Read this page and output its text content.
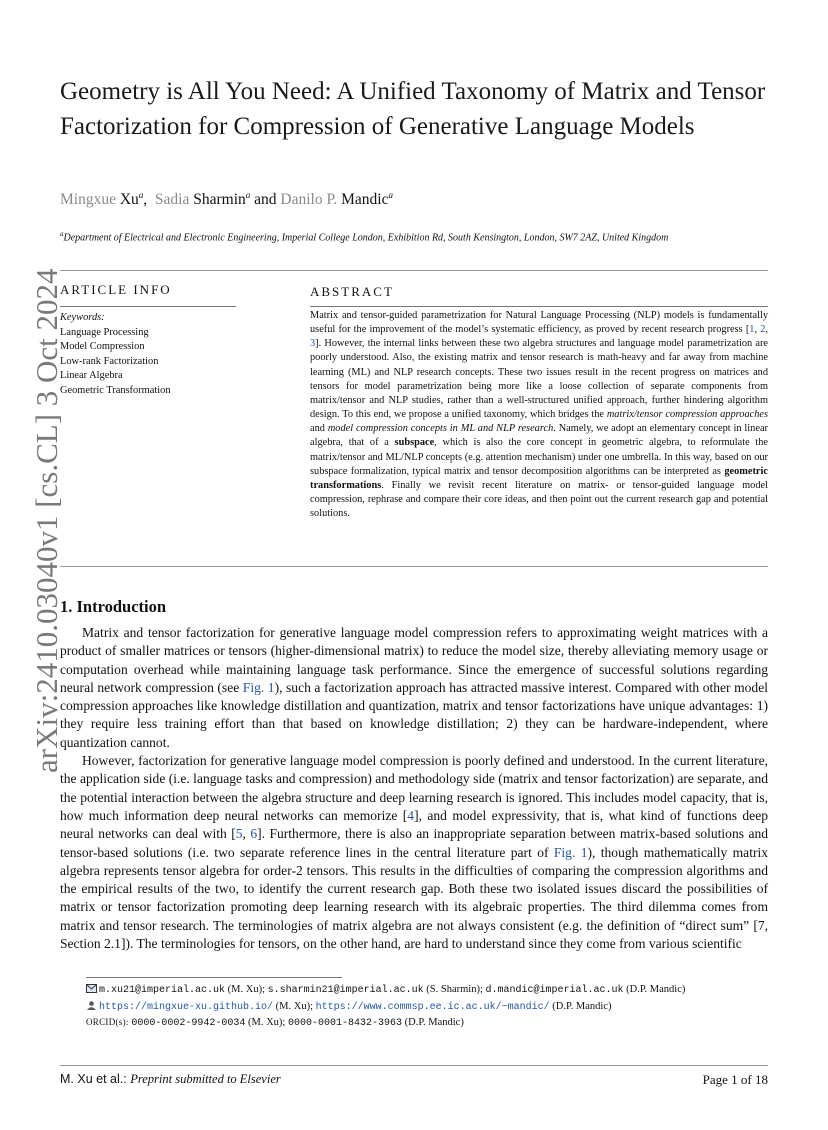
arXiv:2410.03040v1 [cs.CL] 3 Oct 2024
Geometry is All You Need: A Unified Taxonomy of Matrix and Tensor Factorization for Compression of Generative Language Models
Mingxue Xu$^a$, Sadia Sharmin$^a$ and Danilo P. Mandic$^a$
$^a$Department of Electrical and Electronic Engineering, Imperial College London, Exhibition Rd, South Kensington, London, SW7 2AZ, United Kingdom
ARTICLE INFO
Keywords:
Language Processing
Model Compression
Low-rank Factorization
Linear Algebra
Geometric Transformation
ABSTRACT
Matrix and tensor-guided parametrization for Natural Language Processing (NLP) models is fundamentally useful for the improvement of the model’s systematic efficiency, as proved by recent research progress [1, 2, 3]. However, the internal links between these two algebra structures and language model parametrization are poorly understood. Also, the existing matrix and tensor research is math-heavy and far away from machine learning (ML) and NLP research concepts. These two issues result in the recent progress on matrices and tensors for model parametrization being more like a loose collection of separate components from matrix/tensor and NLP studies, rather than a well-structured unified approach, further hindering algorithm design. To this end, we propose a unified taxonomy, which bridges the matrix/tensor compression approaches and model compression concepts in ML and NLP research. Namely, we adopt an elementary concept in linear algebra, that of a subspace, which is also the core concept in geometric algebra, to reformulate the matrix/tensor and ML/NLP concepts (e.g. attention mechanism) under one umbrella. In this way, based on our subspace formalization, typical matrix and tensor decomposition algorithms can be interpreted as geometric transformations. Finally we revisit recent literature on matrix- or tensor-guided language model compression, rephrase and compare their core ideas, and then point out the current research gap and potential solutions.
1. Introduction

Matrix and tensor factorization for generative language model compression refers to approximating weight matrices with a product of smaller matrices or tensors (higher-dimensional matrix) to reduce the model size, thereby alleviating memory usage or computation overhead while maintaining language task performance. Since the emergence of successful solutions regarding neural network compression (see Fig. 1), such a factorization approach has attracted massive interest. Compared with other model compression approaches like knowledge distillation and quantization, matrix and tensor factorizations have unique advantages: 1) they require less training effort than that based on knowledge distillation; 2) they can be hardware-independent, where quantization cannot.

However, factorization for generative language model compression is poorly defined and understood. In the current literature, the application side (i.e. language tasks and compression) and methodology side (matrix and tensor factorization) are separate, and the potential interaction between the algebra structure and deep learning research is ignored. This includes model capacity, that is, how much information deep neural networks can memorize [4], and model expressivity, that is, what kind of functions deep neural networks can deal with [5, 6]. Furthermore, there is also an inappropriate separation between matrix-based solutions and tensor-based solutions (i.e. two separate reference lines in the central literature part of Fig. 1), though mathematically matrix algebra represents tensor algebra for order-2 tensors. This results in the difficulties of comparing the compression algorithms and the empirical results of the two, to identify the current research gap. Both these two isolated issues discard the possibilities of matrix or tensor factorization promoting deep learning research with its algebraic properties. The third dilemma comes from matrix and tensor research. The terminologies of matrix algebra are not always consistent (e.g. the definition of “direct sum” [7, Section 2.1]). The terminologies for tensors, on the other hand, are hard to understand since they come from various scientific

m.xu21@imperial.ac.uk (M. Xu); s.sharmin21@imperial.ac.uk (S. Sharmin); d.mandic@imperial.ac.uk (D.P. Mandic)
https://mingxue-xu.github.io/ (M. Xu); https://www.commsp.ee.ic.ac.uk/~mandic/ (D.P. Mandic)
ORCID(s): 0000-0002-9942-0034 (M. Xu); 0000-0001-8432-3963 (D.P. Mandic)
M. Xu et al.: Preprint submitted to Elsevier	Page 1 of 18
